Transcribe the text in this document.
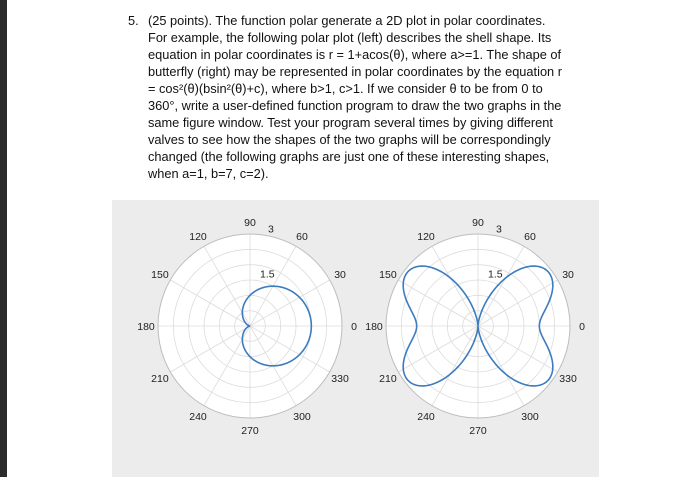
5. (25 points). The function polar generate a 2D plot in polar coordinates.

For example, the following polar plot (left) describes the shell shape. Its

equation in polar coordinates is r = 1+acos(θ), where a>=1. The shape of

butterfly (right) may be represented in polar coordinates by the equation r

= cos²(θ)(bsin²(θ)+c), where b>1, c>1. If we consider θ to be from 0 to

360°, write a user-defined function program to draw the two graphs in the

same figure window. Test your program several times by giving different

valves to see how the shapes of the two graphs will be correspondingly

changed (the following graphs are just one of these interesting shapes,

when a=1, b=7, c=2).

0
30
60
90
120
150
180
210
240
270
300
330
1.5
3
0
30
60
90
120
150
180
210
240
270
300
330
1.5
3
